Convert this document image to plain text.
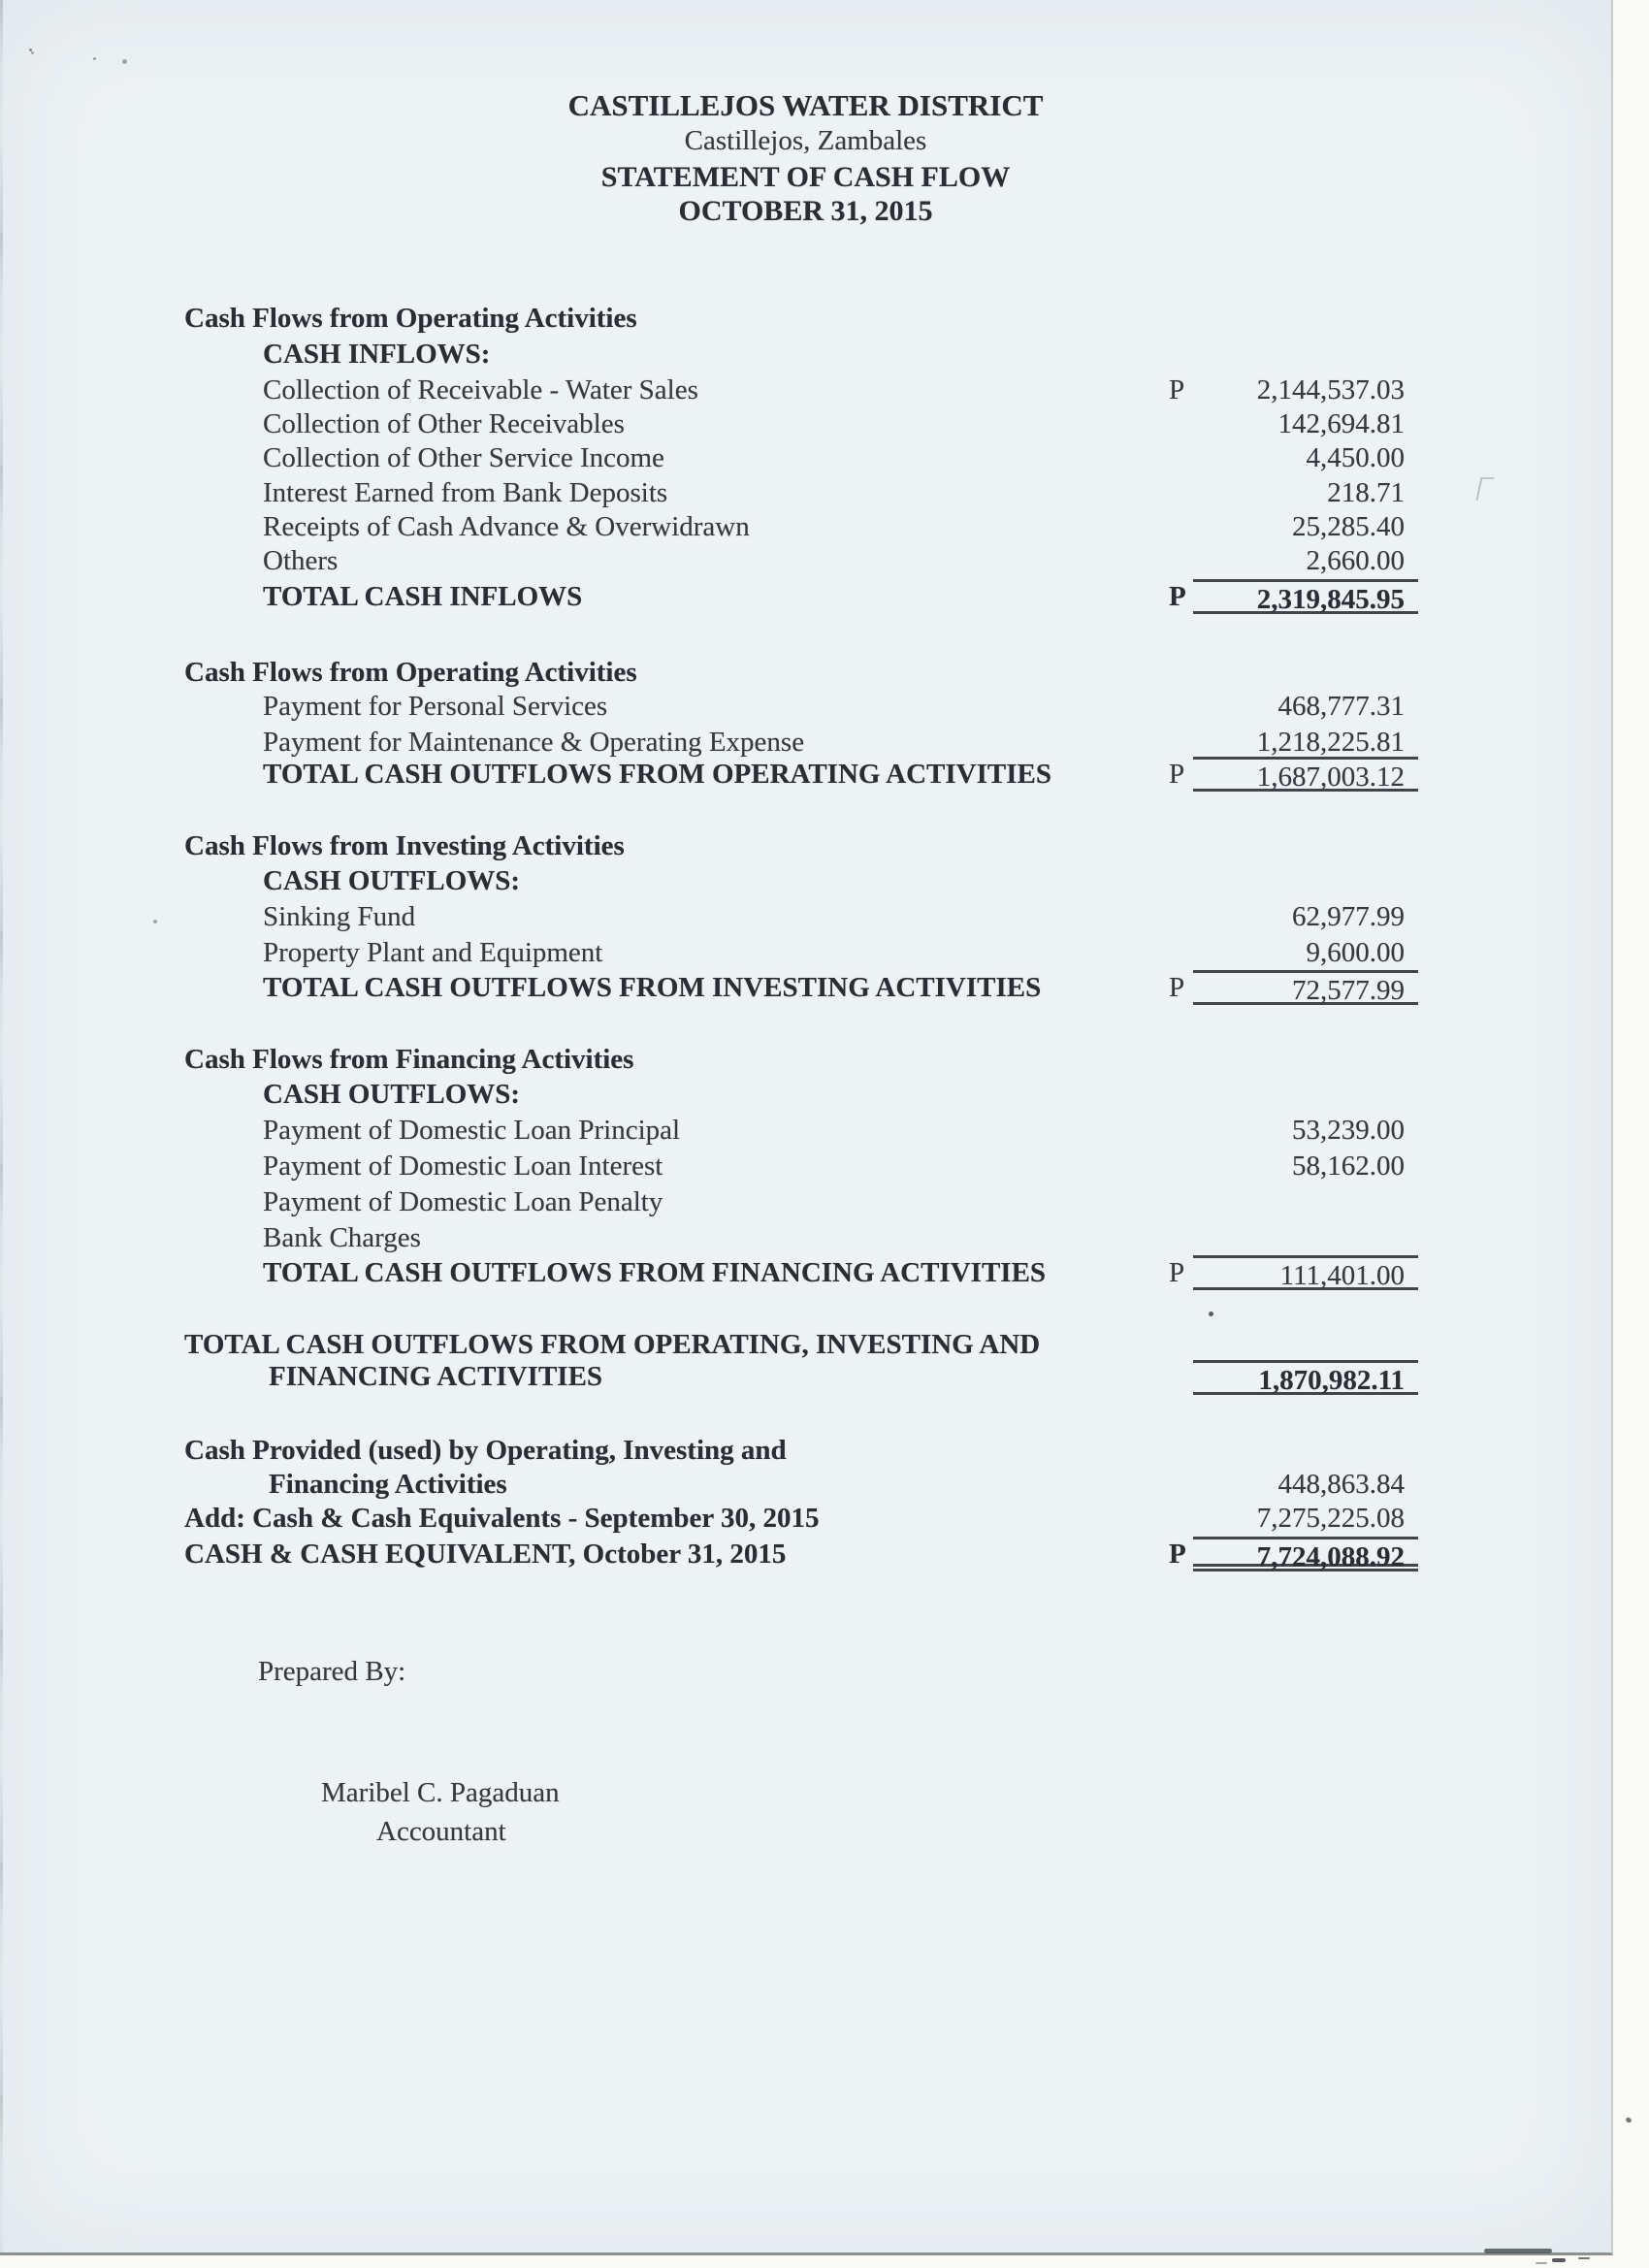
CASTILLEJOS WATER DISTRICT
Castillejos, Zambales
STATEMENT OF CASH FLOW
OCTOBER 31, 2015
Cash Flows from Operating Activities
CASH INFLOWS:
Collection of Receivable - Water Sales	P	2,144,537.03
Collection of Other Receivables	142,694.81
Collection of Other Service Income	4,450.00
Interest Earned from Bank Deposits	218.71
Receipts of Cash Advance & Overwidrawn	25,285.40
Others	2,660.00
TOTAL CASH INFLOWS	P	2,319,845.95
Cash Flows from Operating Activities
Payment for Personal Services	468,777.31
Payment for Maintenance & Operating Expense	1,218,225.81
TOTAL CASH OUTFLOWS FROM OPERATING ACTIVITIES	P	1,687,003.12
Cash Flows from Investing Activities
CASH OUTFLOWS:
Sinking Fund	62,977.99
Property Plant and Equipment	9,600.00
TOTAL CASH OUTFLOWS FROM INVESTING ACTIVITIES	P	72,577.99
Cash Flows from Financing Activities
CASH OUTFLOWS:
Payment of Domestic Loan Principal	53,239.00
Payment of Domestic Loan Interest	58,162.00
Payment of Domestic Loan Penalty
Bank Charges
TOTAL CASH OUTFLOWS FROM FINANCING ACTIVITIES	P	111,401.00
TOTAL CASH OUTFLOWS FROM OPERATING, INVESTING AND
FINANCING ACTIVITIES	1,870,982.11
Cash Provided (used) by Operating, Investing and
Financing Activities	448,863.84
Add: Cash & Cash Equivalents - September 30, 2015	7,275,225.08
CASH & CASH EQUIVALENT, October 31, 2015	P	7,724,088.92
Prepared By:
Maribel C. Pagaduan
Accountant
